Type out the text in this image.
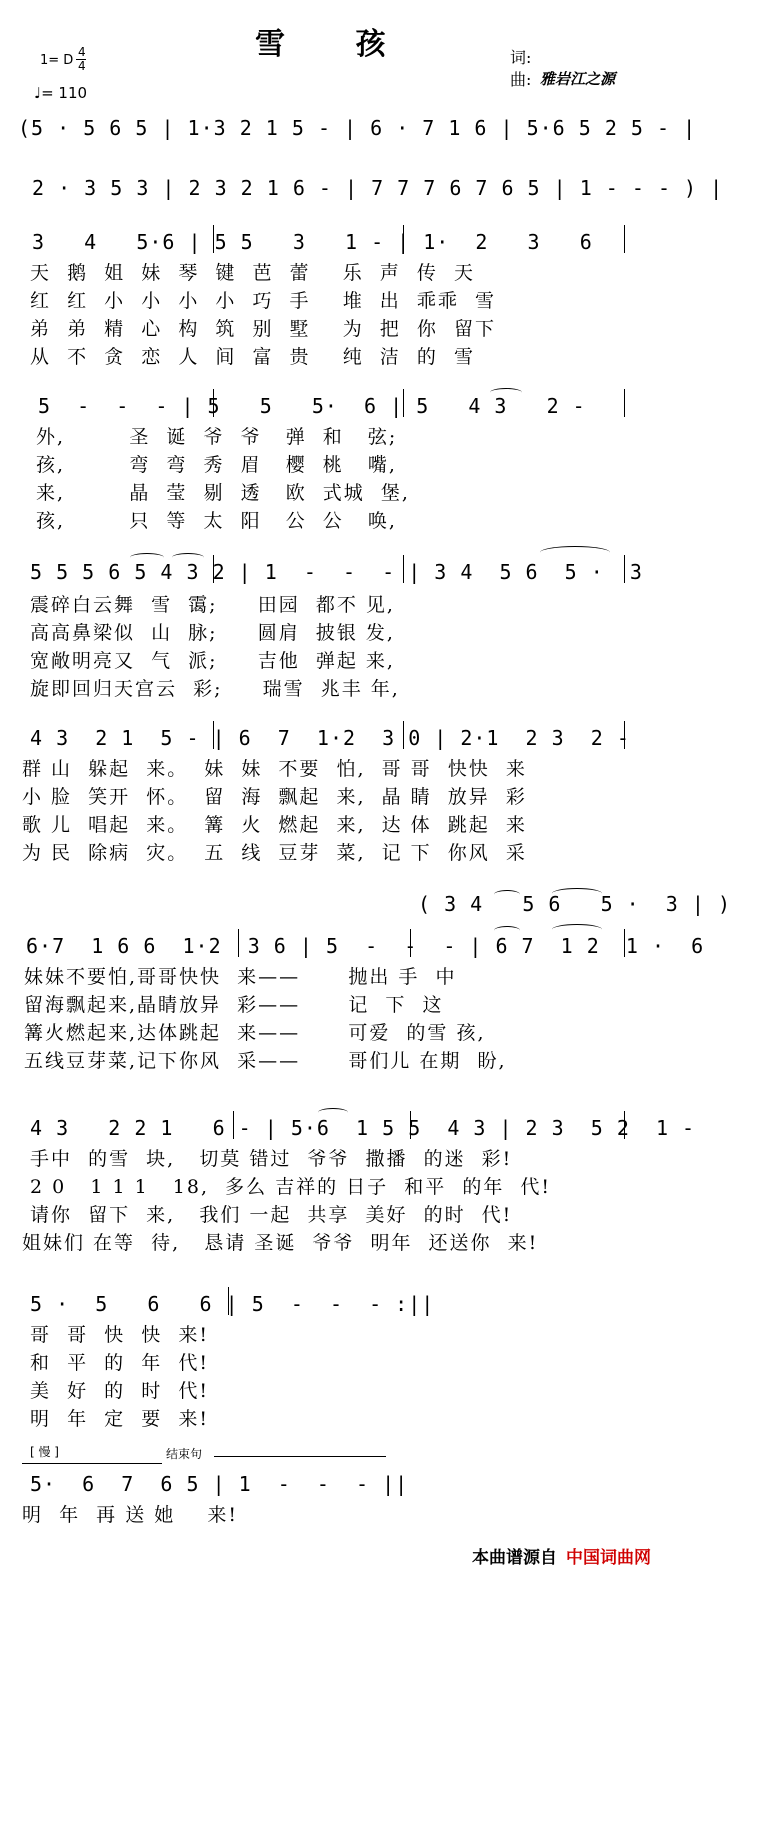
雪 孩
1= D
4
4
♩= 110
词:
曲: 雅岩江之源
(5 · 5 6 5 | 1·3 2 1 5 - | 6 · 7 1 6 | 5·6 5 2 5 - |
2 · 3 5 3 | 2 3 2 1 6 - | 7 7 7 6 7 6 5 | 1 - - - ) |
3   4   5·6 | 5 5   3   1 - | 1·  2   3   6
天  鹅  姐  妹  琴  键  芭  蕾    乐  声  传  天
红  红  小  小  小  小  巧  手    堆  出  乖乖  雪
弟  弟  精  心  构  筑  别  墅    为  把  你  留下
从  不  贪  恋  人  间  富  贵    纯  洁  的  雪
5  -  -  - | 5   5   5·  6 | 5   4 3   2 -
外,        圣  诞  爷  爷   弹  和   弦;
孩,        弯  弯  秀  眉   樱  桃   嘴,
来,        晶  莹  剔  透   欧  式城  堡,
孩,        只  等  太  阳   公  公   唤,
5 5 5 6 5 4 3 2 | 1  -  -  - | 3 4  5 6  5 ·  3
震碎白云舞  雪  霭;     田园  都不 见,
高高鼻梁似  山  脉;     圆肩  披银 发,
宽敞明亮又  气  派;     吉他  弹起 来,
旋即回归天宫云  彩;     瑞雪  兆丰 年,
4 3  2 1  5 - | 6  7  1·2  3 0 | 2·1  2 3  2 -
群 山  躲起  来。  妹  妹  不要  怕,  哥 哥  快快  来
小 脸  笑开  怀。  留  海  飘起  来,  晶 睛  放异  彩
歌 儿  唱起  来。  篝  火  燃起  来,  达 体  跳起  来
为 民  除病  灾。  五  线  豆芽  菜,  记 下  你风  采
( 3 4   5 6   5 ·  3 | )
6·7  1 6 6  1·2  3 6 | 5  -  -  - | 6 7  1 2  1 ·  6
妹妹不要怕,哥哥快快  来——      抛出 手  中
留海飘起来,晶睛放异  彩——      记  下  这
篝火燃起来,达体跳起  来——      可爱  的雪 孩,
五线豆芽菜,记下你风  采——      哥们儿 在期  盼,
4 3   2 2 1   6 - | 5·6  1 5 5  4 3 | 2 3  5 2  1 -
手中  的雪  块,   切莫 错过  爷爷  撒播  的迷  彩!
2 0   1 1 1   18,  多么 吉祥的 日子  和平  的年  代!
请你  留下  来,   我们 一起  共享  美好  的时  代!
姐妹们 在等  待,   恳请 圣诞  爷爷  明年  还送你  来!
5 ·  5   6   6 | 5  -  -  - :||
哥  哥  快  快  来!
和  平  的  年  代!
美  好  的  时  代!
明  年  定  要  来!
[ 慢 ]	结束句
5·  6  7  6 5 | 1  -  -  - ||
明  年  再 送 她    来!
本曲谱源自 中国词曲网
